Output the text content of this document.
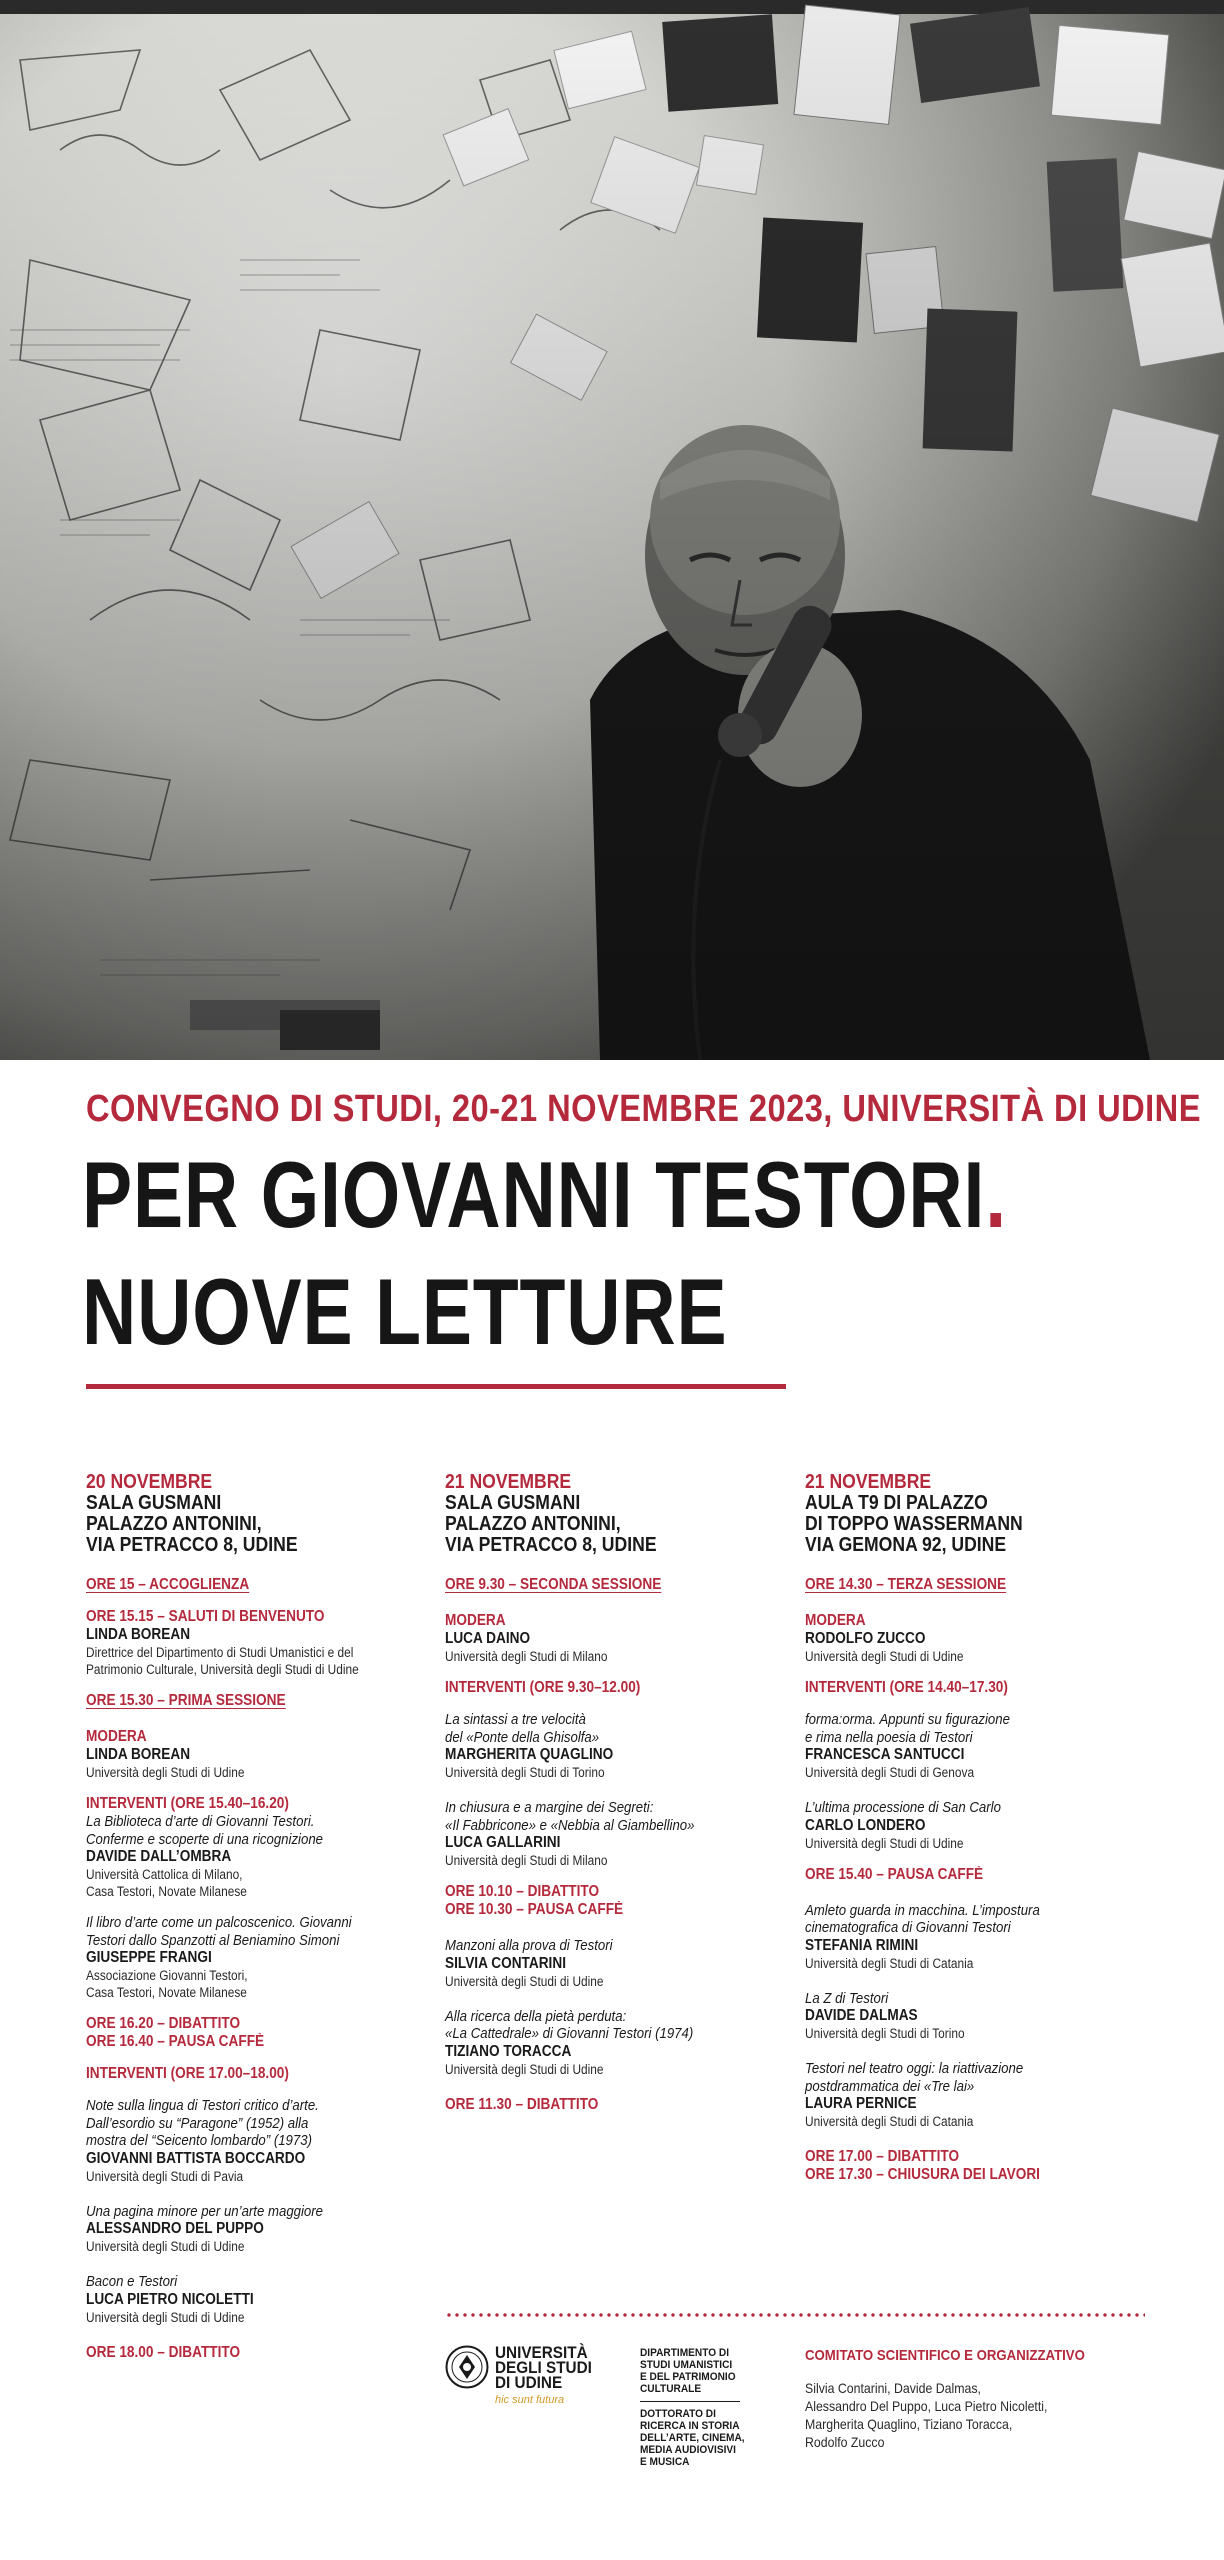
CONVEGNO DI STUDI, 20-21 NOVEMBRE 2023, UNIVERSITÀ DI UDINE
PER GIOVANNI TESTORI.
NUOVE LETTURE
20 NOVEMBRE
SALA GUSMANI
PALAZZO ANTONINI,
VIA PETRACCO 8, UDINE
ORE 15 – ACCOGLIENZA
ORE 15.15 – SALUTI DI BENVENUTO
LINDA BOREAN
Direttrice del Dipartimento di Studi Umanistici e del
Patrimonio Culturale, Università degli Studi di Udine
ORE 15.30 – PRIMA SESSIONE
MODERA
LINDA BOREAN
Università degli Studi di Udine
INTERVENTI (ORE 15.40–16.20)
La Biblioteca d’arte di Giovanni Testori.
Conferme e scoperte di una ricognizione
DAVIDE DALL’OMBRA
Università Cattolica di Milano,
Casa Testori, Novate Milanese
Il libro d’arte come un palcoscenico. Giovanni
Testori dallo Spanzotti al Beniamino Simoni
GIUSEPPE FRANGI
Associazione Giovanni Testori,
Casa Testori, Novate Milanese
ORE 16.20 – DIBATTITO
ORE 16.40 – PAUSA CAFFÈ
INTERVENTI (ORE 17.00–18.00)
Note sulla lingua di Testori critico d’arte.
Dall’esordio su “Paragone” (1952) alla
mostra del “Seicento lombardo” (1973)
GIOVANNI BATTISTA BOCCARDO
Università degli Studi di Pavia
Una pagina minore per un’arte maggiore
ALESSANDRO DEL PUPPO
Università degli Studi di Udine
Bacon e Testori
LUCA PIETRO NICOLETTI
Università degli Studi di Udine
ORE 18.00 – DIBATTITO
21 NOVEMBRE
SALA GUSMANI
PALAZZO ANTONINI,
VIA PETRACCO 8, UDINE
ORE 9.30 – SECONDA SESSIONE
MODERA
LUCA DAINO
Università degli Studi di Milano
INTERVENTI (ORE 9.30–12.00)
La sintassi a tre velocità
del «Ponte della Ghisolfa»
MARGHERITA QUAGLINO
Università degli Studi di Torino
In chiusura e a margine dei Segreti:
«Il Fabbricone» e «Nebbia al Giambellino»
LUCA GALLARINI
Università degli Studi di Milano
ORE 10.10 – DIBATTITO
ORE 10.30 – PAUSA CAFFÈ
Manzoni alla prova di Testori
SILVIA CONTARINI
Università degli Studi di Udine
Alla ricerca della pietà perduta:
«La Cattedrale» di Giovanni Testori (1974)
TIZIANO TORACCA
Università degli Studi di Udine
ORE 11.30 – DIBATTITO
21 NOVEMBRE
AULA T9 DI PALAZZO
DI TOPPO WASSERMANN
VIA GEMONA 92, UDINE
ORE 14.30 – TERZA SESSIONE
MODERA
RODOLFO ZUCCO
Università degli Studi di Udine
INTERVENTI (ORE 14.40–17.30)
forma:orma. Appunti su figurazione
e rima nella poesia di Testori
FRANCESCA SANTUCCI
Università degli Studi di Genova
L’ultima processione di San Carlo
CARLO LONDERO
Università degli Studi di Udine
ORE 15.40 – PAUSA CAFFÈ
Amleto guarda in macchina. L’impostura
cinematografica di Giovanni Testori
STEFANIA RIMINI
Università degli Studi di Catania
La Z di Testori
DAVIDE DALMAS
Università degli Studi di Torino
Testori nel teatro oggi: la riattivazione
postdrammatica dei «Tre lai»
LAURA PERNICE
Università degli Studi di Catania
ORE 17.00 – DIBATTITO
ORE 17.30 – CHIUSURA DEI LAVORI
UNIVERSITÀ
DEGLI STUDI
DI UDINE
hic sunt futura
DIPARTIMENTO DI
STUDI UMANISTICI
E DEL PATRIMONIO
CULTURALE
DOTTORATO DI
RICERCA IN STORIA
DELL’ARTE, CINEMA,
MEDIA AUDIOVISIVI
E MUSICA
COMITATO SCIENTIFICO E ORGANIZZATIVO
Silvia Contarini, Davide Dalmas,
Alessandro Del Puppo, Luca Pietro Nicoletti,
Margherita Quaglino, Tiziano Toracca,
Rodolfo Zucco
